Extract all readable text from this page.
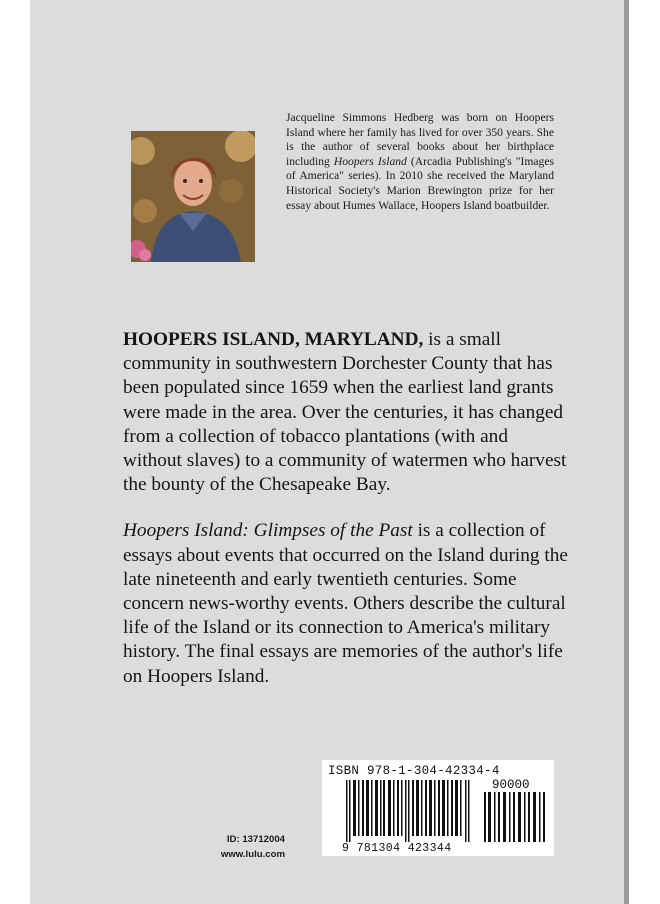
Jacqueline Simmons Hedberg was born on Hoopers Island where her family has lived for over 350 years. She is the author of several books about her birthplace including Hoopers Island (Arcadia Publishing's "Images of America" series). In 2010 she received the Maryland Historical Society's Marion Brewington prize for her essay about Humes Wallace, Hoopers Island boatbuilder.

HOOPERS ISLAND, MARYLAND, is a small community in southwestern Dorchester County that has been populated since 1659 when the earliest land grants were made in the area. Over the centuries, it has changed from a collection of tobacco plantations (with and without slaves) to a community of watermen who harvest the bounty of the Chesapeake Bay.

Hoopers Island: Glimpses of the Past is a collection of essays about events that occurred on the Island during the late nineteenth and early twentieth centuries. Some concern news-worthy events. Others describe the cultural life of the Island or its connection to America's military history. The final essays are memories of the author's life on Hoopers Island.

ID: 13712004
www.lulu.com
ISBN 978-1-304-42334-4
90000
9 781304 423344
